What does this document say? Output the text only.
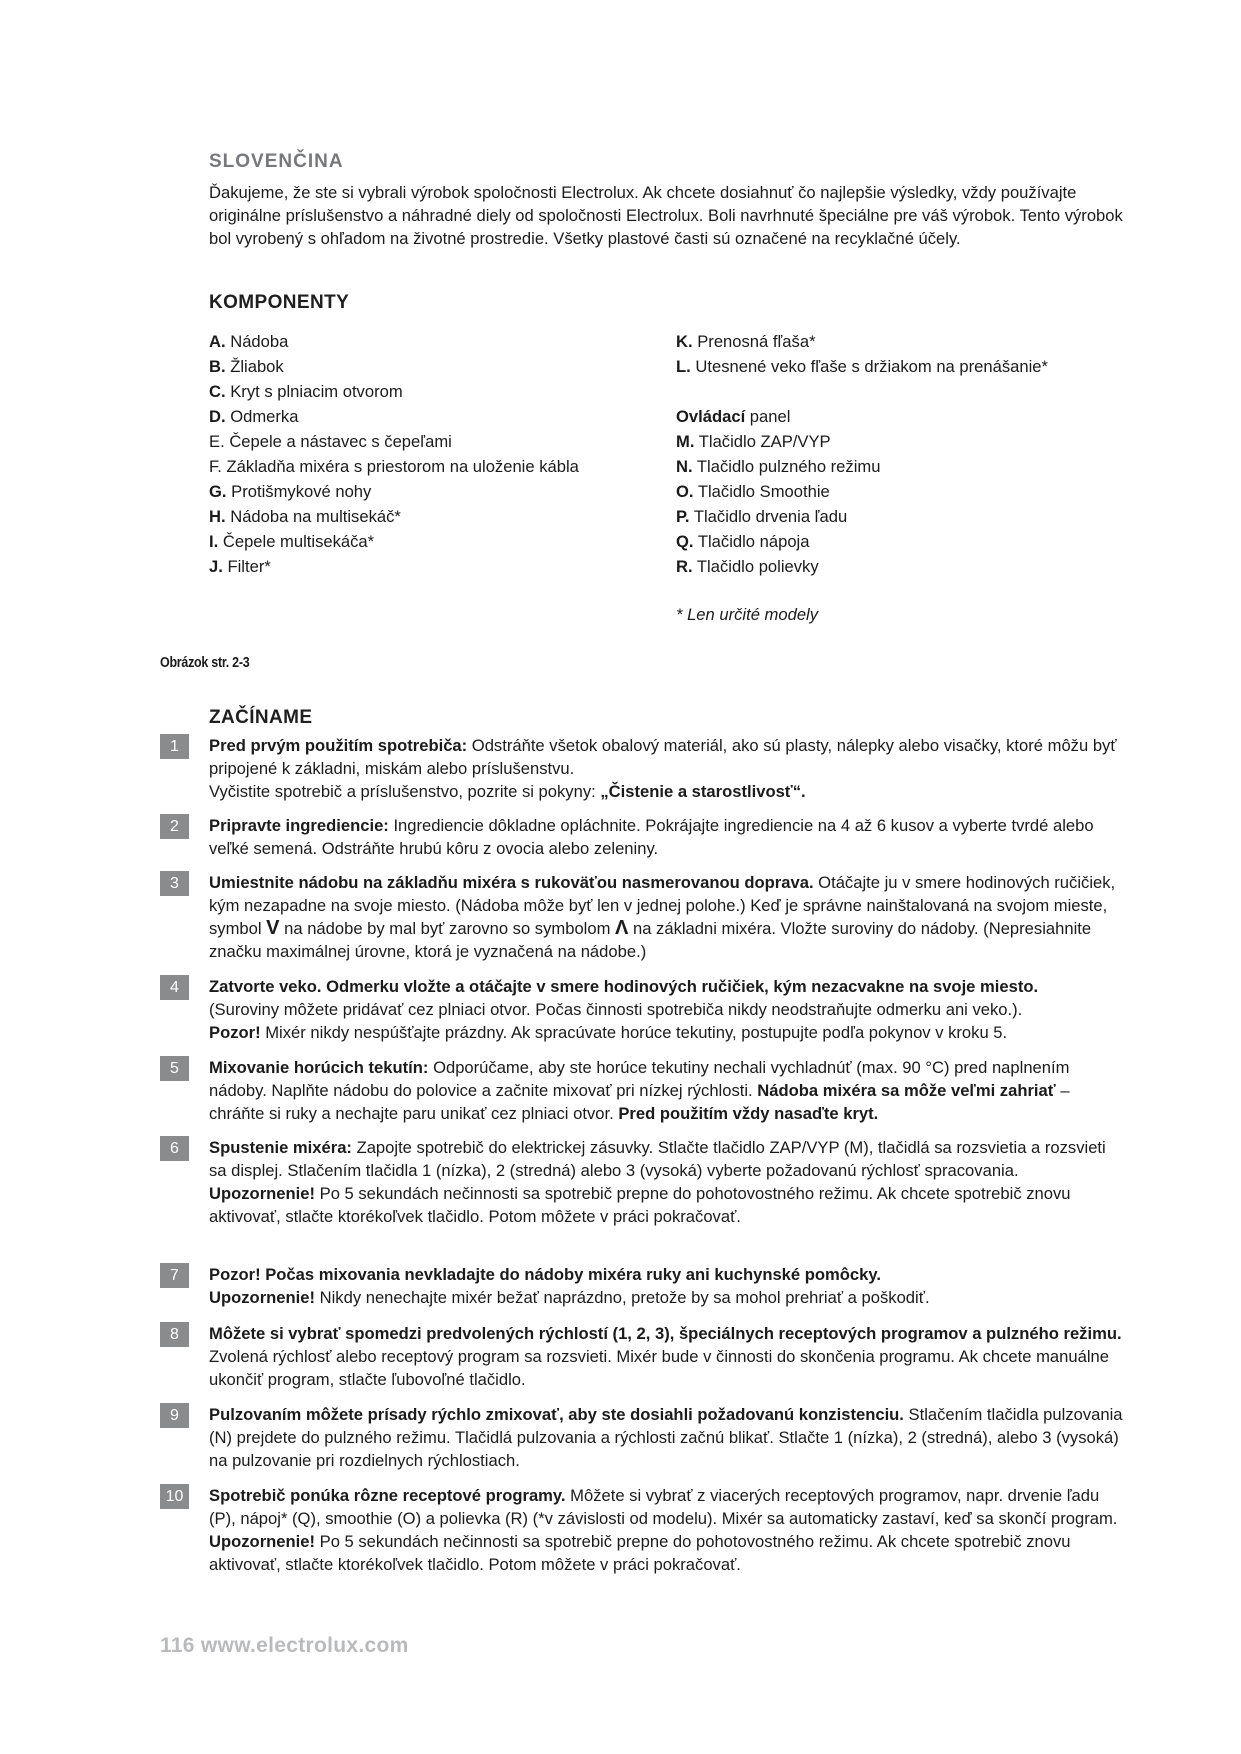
SLOVENČINA

Ďakujeme, že ste si vybrali výrobok spoločnosti Electrolux. Ak chcete dosiahnuť čo najlepšie výsledky, vždy používajte originálne príslušenstvo a náhradné diely od spoločnosti Electrolux. Boli navrhnuté špeciálne pre váš výrobok. Tento výrobok bol vyrobený s ohľadom na životné prostredie. Všetky plastové časti sú označené na recyklačné účely.

KOMPONENTY
A. Nádoba
B. Žliabok
C. Kryt s plniacim otvorom
D. Odmerka
E. Čepele a nástavec s čepeľami
F. Základňa mixéra s priestorom na uloženie kábla
G. Protišmykové nohy
H. Nádoba na multisekáč*
I. Čepele multisekáča*
J. Filter*
K. Prenosná fľaša*
L. Utesnené veko fľaše s držiakom na prenášanie*
Ovládací panel
M. Tlačidlo ZAP/VYP
N. Tlačidlo pulzného režimu
O. Tlačidlo Smoothie
P. Tlačidlo drvenia ľadu
Q. Tlačidlo nápoja
R. Tlačidlo polievky
* Len určité modely
Obrázok str. 2-3
ZAČÍNAME
1	Pred prvým použitím spotrebiča: Odstráňte všetok obalový materiál, ako sú plasty, nálepky alebo visačky, ktoré môžu byť pripojené k základni, miskám alebo príslušenstvu.

Vyčistite spotrebič a príslušenstvo, pozrite si pokyny: „Čistenie a starostlivosť“.

2	Pripravte ingrediencie: Ingrediencie dôkladne opláchnite. Pokrájajte ingrediencie na 4 až 6 kusov a vyberte tvrdé alebo veľké semená. Odstráňte hrubú kôru z ovocia alebo zeleniny.

3	Umiestnite nádobu na základňu mixéra s rukoväťou nasmerovanou doprava. Otáčajte ju v smere hodinových ručičiek, kým nezapadne na svoje miesto. (Nádoba môže byť len v jednej polohe.) Keď je správne nainštalovaná na svojom mieste, symbol V na nádobe by mal byť zarovno so symbolom Λ na základni mixéra. Vložte suroviny do nádoby. (Nepresiahnite značku maximálnej úrovne, ktorá je vyznačená na nádobe.)

4	Zatvorte veko. Odmerku vložte a otáčajte v smere hodinových ručičiek, kým nezacvakne na svoje miesto.

(Suroviny môžete pridávať cez plniaci otvor. Počas činnosti spotrebiča nikdy neodstraňujte odmerku ani veko.).

Pozor! Mixér nikdy nespúšťajte prázdny. Ak spracúvate horúce tekutiny, postupujte podľa pokynov v kroku 5.

5	Mixovanie horúcich tekutín: Odporúčame, aby ste horúce tekutiny nechali vychladnúť (max. 90 °C) pred naplnením nádoby. Naplňte nádobu do polovice a začnite mixovať pri nízkej rýchlosti. Nádoba mixéra sa môže veľmi zahriať – chráňte si ruky a nechajte paru unikať cez plniaci otvor. Pred použitím vždy nasaďte kryt.

6	Spustenie mixéra: Zapojte spotrebič do elektrickej zásuvky. Stlačte tlačidlo ZAP/VYP (M), tlačidlá sa rozsvietia a rozsvieti sa displej. Stlačením tlačidla 1 (nízka), 2 (stredná) alebo 3 (vysoká) vyberte požadovanú rýchlosť spracovania.

Upozornenie! Po 5 sekundách nečinnosti sa spotrebič prepne do pohotovostného režimu. Ak chcete spotrebič znovu aktivovať, stlačte ktorékoľvek tlačidlo. Potom môžete v práci pokračovať.

7	Pozor! Počas mixovania nevkladajte do nádoby mixéra ruky ani kuchynské pomôcky.

Upozornenie! Nikdy nenechajte mixér bežať naprázdno, pretože by sa mohol prehriať a poškodiť.

8	Môžete si vybrať spomedzi predvolených rýchlostí (1, 2, 3), špeciálnych receptových programov a pulzného režimu. Zvolená rýchlosť alebo receptový program sa rozsvieti. Mixér bude v činnosti do skončenia programu. Ak chcete manuálne ukončiť program, stlačte ľubovoľné tlačidlo.

9	Pulzovaním môžete prísady rýchlo zmixovať, aby ste dosiahli požadovanú konzistenciu. Stlačením tlačidla pulzovania (N) prejdete do pulzného režimu. Tlačidlá pulzovania a rýchlosti začnú blikať. Stlačte 1 (nízka), 2 (stredná), alebo 3 (vysoká) na pulzovanie pri rozdielnych rýchlostiach.

10	Spotrebič ponúka rôzne receptové programy. Môžete si vybrať z viacerých receptových programov, napr. drvenie ľadu (P), nápoj* (Q), smoothie (O) a polievka (R) (*v závislosti od modelu). Mixér sa automaticky zastaví, keď sa skončí program.

Upozornenie! Po 5 sekundách nečinnosti sa spotrebič prepne do pohotovostného režimu. Ak chcete spotrebič znovu aktivovať, stlačte ktorékoľvek tlačidlo. Potom môžete v práci pokračovať.

116 www.electrolux.com
